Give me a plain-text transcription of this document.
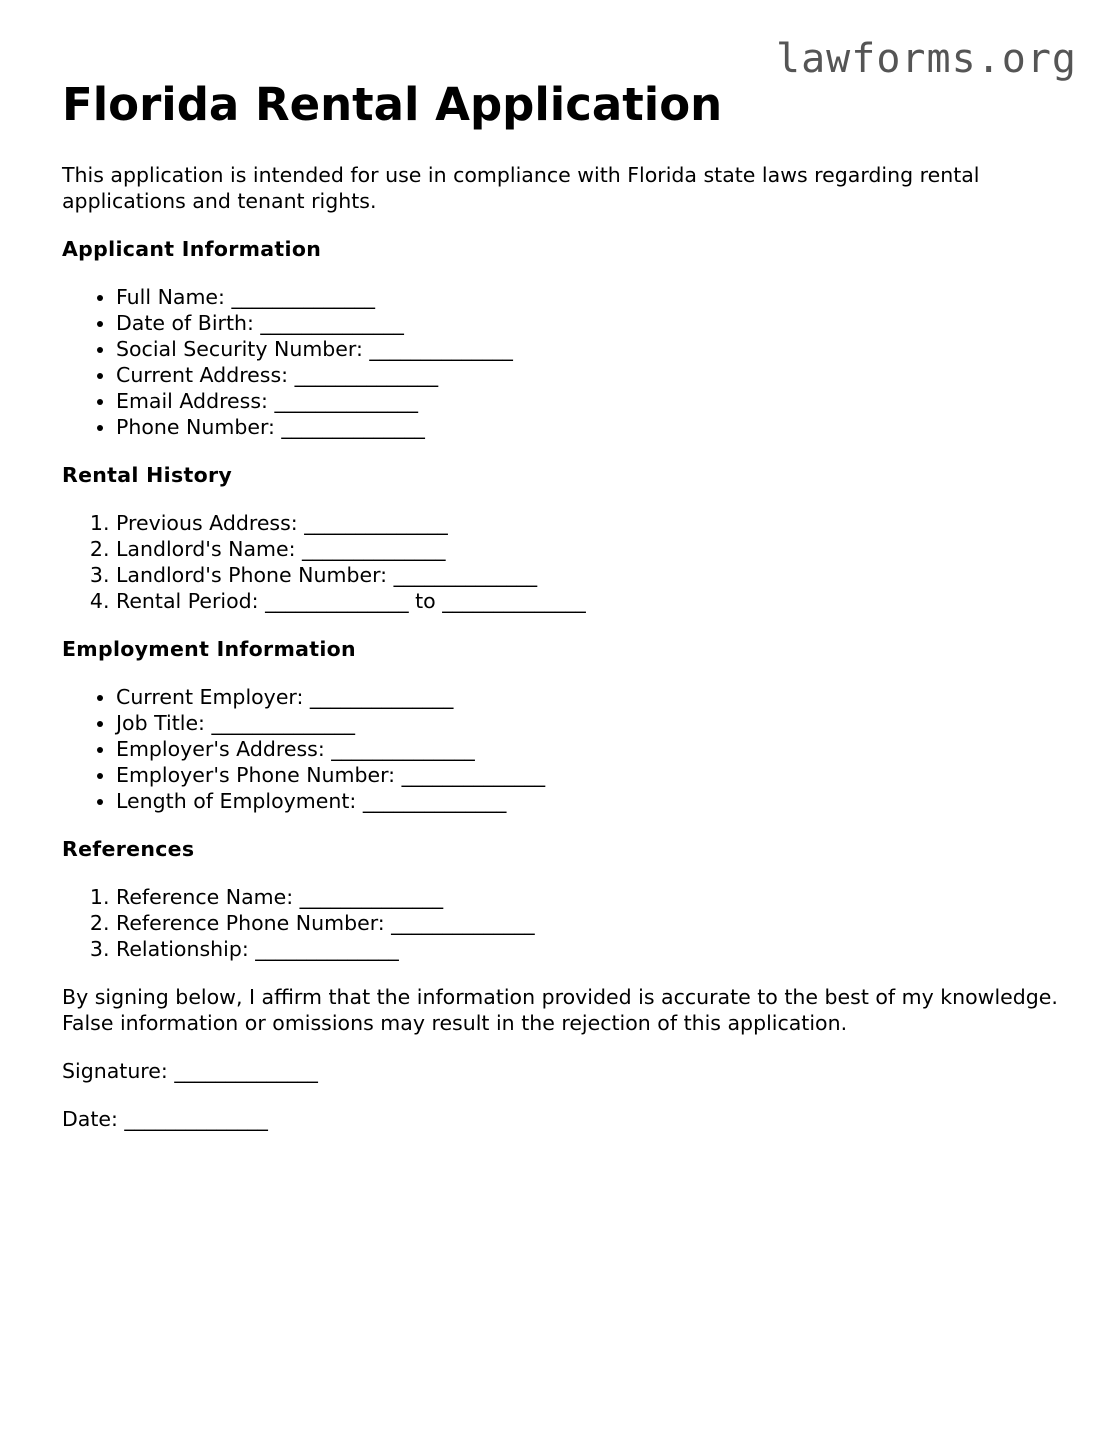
lawforms.org
Florida Rental Application

This application is intended for use in compliance with Florida state laws regarding rental applications and tenant rights.

Applicant Information
• Full Name: ______________
• Date of Birth: ______________
• Social Security Number: ______________
• Current Address: ______________
• Email Address: ______________
• Phone Number: ______________
Rental History
1. Previous Address: ______________
2. Landlord's Name: ______________
3. Landlord's Phone Number: ______________
4. Rental Period: ______________ to ______________
Employment Information
• Current Employer: ______________
• Job Title: ______________
• Employer's Address: ______________
• Employer's Phone Number: ______________
• Length of Employment: ______________
References
1. Reference Name: ______________
2. Reference Phone Number: ______________
3. Relationship: ______________

By signing below, I affirm that the information provided is accurate to the best of my knowledge. False information or omissions may result in the rejection of this application.

Signature: ______________

Date: ______________
